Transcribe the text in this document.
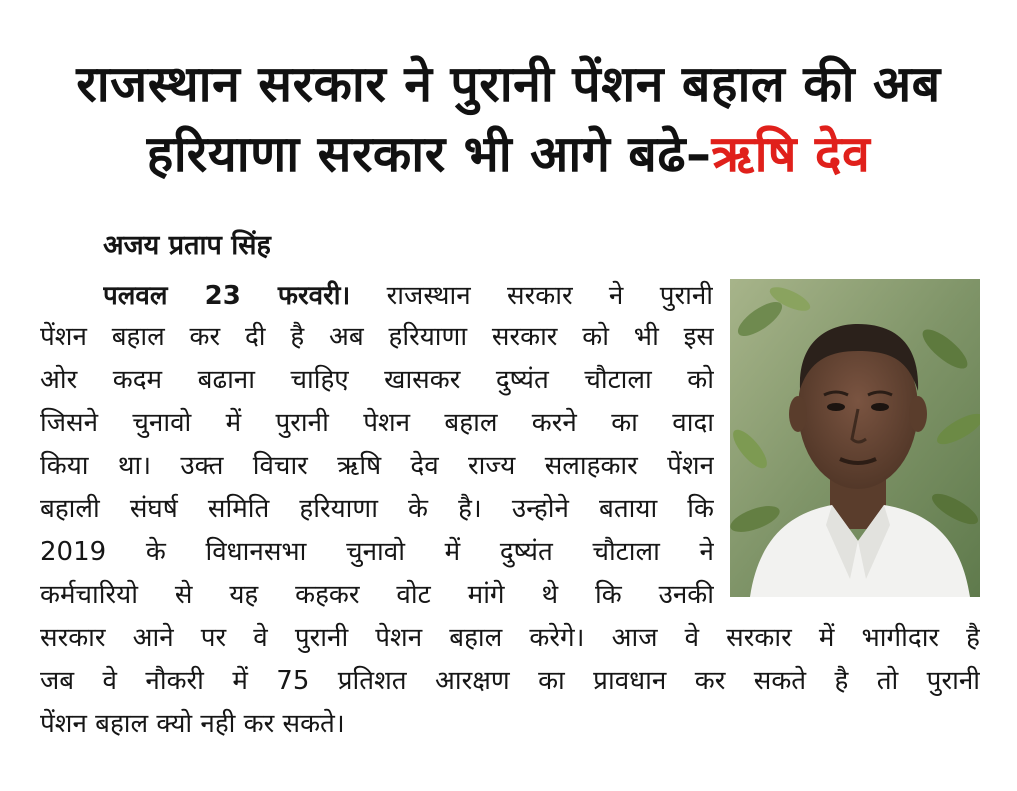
राजस्थान सरकार ने पुरानी पेंशन बहाल की अब
हरियाणा सरकार भी आगे बढे–ऋषि देव
अजय प्रताप सिंह
पलवल 23 फरवरी। राजस्थान सरकार ने पुरानी
पेंशन बहाल कर दी है अब हरियाणा सरकार को भी इस
ओर कदम बढाना चाहिए खासकर दुष्यंत चौटाला को
जिसने चुनावो में पुरानी पेशन बहाल करने का वादा
किया था। उक्त विचार ऋषि देव राज्य सलाहकार पेंशन
बहाली संघर्ष समिति हरियाणा के है। उन्होने बताया कि
2019 के विधानसभा चुनावो में दुष्यंत चौटाला ने
कर्मचारियो से यह कहकर वोट मांगे थे कि उनकी
सरकार आने पर वे पुरानी पेशन बहाल करेगे। आज वे सरकार में भागीदार है
जब वे नौकरी में 75 प्रतिशत आरक्षण का प्रावधान कर सकते है तो पुरानी
पेंशन बहाल क्यो नही कर सकते।
